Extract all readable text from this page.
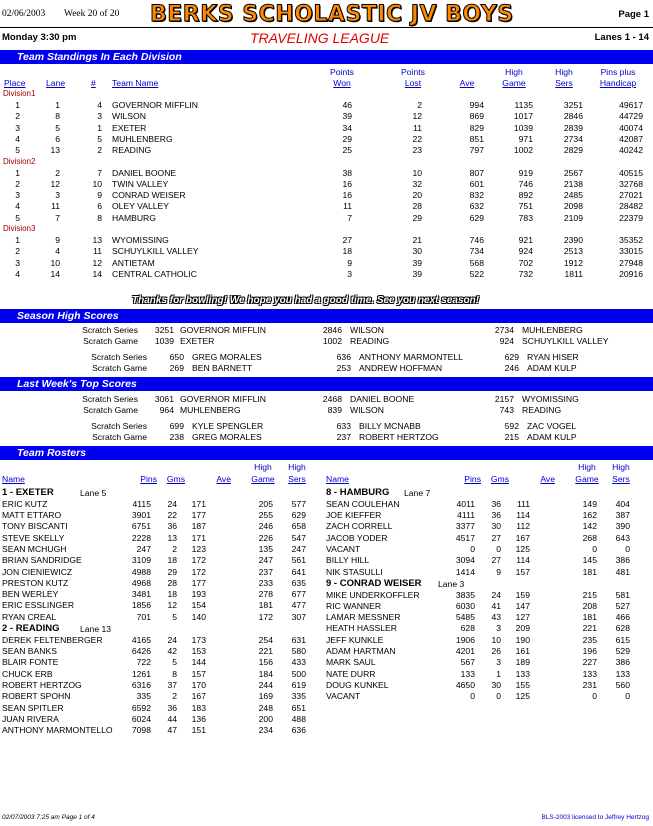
02/06/2003 Week 20 of 20 BERKS SCHOLASTIC JV BOYS	Page 1
Monday 3:30 pm	TRAVELING LEAGUE	Lanes 1 - 14
Team Standings In Each Division
Points	Points	High	High	Pins plus
Place Lane	# Team Name	Won	Lost	Ave	Game	Sers	Handicap
Division1
1	1	4 GOVERNOR MIFFLIN	46	2	994	1135	3251	49617
2	8	3 WILSON	39	12	869	1017	2846	44729
3	5	1 EXETER	34	11	829	1039	2839	40074
4	6	5 MUHLENBERG	29	22	851	971	2734	42087
5	13	2 READING	25	23	797	1002	2829	40242
Division2
1	2	7 DANIEL BOONE	38	10	807	919	2567	40515
2	12	10 TWIN VALLEY	16	32	601	746	2138	32768
3	3	9 CONRAD WEISER	16	20	832	892	2485	27021
4	11	6 OLEY VALLEY	11	28	632	751	2098	28482
5	7	8 HAMBURG	7	29	629	783	2109	22379
Division3
1	9	13 WYOMISSING	27	21	746	921	2390	35352
2	4	11 SCHUYLKILL VALLEY	18	30	734	924	2513	33015
3	10	12 ANTIETAM	9	39	568	702	1912	27948
4	14	14 CENTRAL CATHOLIC	3	39	522	732	1811	20916
Thanks for bowling! We hope you had a good time. See you next season!
Season High Scores
Scratch Series	3251 GOVERNOR MIFFLIN	2846 WILSON	2734 MUHLENBERG
Scratch Game	1039 EXETER	1002 READING	924 SCHUYLKILL VALLEY
Scratch Series	650 GREG MORALES	636 ANTHONY MARMONTELL	629 RYAN HISER
Scratch Game	269 BEN BARNETT	253 ANDREW HOFFMAN	246 ADAM KULP
Last Week's Top Scores
Scratch Series	3061 GOVERNOR MIFFLIN	2468 DANIEL BOONE	2157 WYOMISSING
Scratch Game	964 MUHLENBERG	839 WILSON	743 READING
Scratch Series	699 KYLE SPENGLER	633 BILLY MCNABB	592 ZAC VOGEL
Scratch Game	238 GREG MORALES	237 ROBERT HERTZOG	215 ADAM KULP
Team Rosters
High	High
Name	Pins	Gms	Ave	Game	Sers
High	High
Name	Pins	Gms	Ave	Game	Sers
1 - EXETER	Lane 5
ERIC KUTZ	4115	24	171	205	577
MATT ETTARO	3901	22	177	255	629
TONY BISCANTI	6751	36	187	246	658
STEVE SKELLY	2228	13	171	226	547
SEAN MCHUGH	247	2	123	135	247
BRIAN SANDRIDGE	3109	18	172	247	561
JON CIENIEWICZ	4988	29	172	237	641
PRESTON KUTZ	4968	28	177	233	635
BEN WERLEY	3481	18	193	278	677
ERIC ESSLINGER	1856	12	154	181	477
RYAN CREAL	701	5	140	172	307
2 - READING Lane 13
DEREK FELTENBERGER	4165	24	173	254	631
SEAN BANKS	6426	42	153	221	580
BLAIR FONTE	722	5	144	156	433
CHUCK ERB	1261	8	157	184	500
ROBERT HERTZOG	6316	37	170	244	619
ROBERT SPOHN	335	2	167	169	335
SEAN SPITLER	6592	36	183	248	651
JUAN RIVERA	6024	44	136	200	488
ANTHONY MARMONTELLO	7098	47	151	234	636
8 - HAMBURG Lane 7
SEAN COULEHAN	4011	36	111	149	404
JOE KIEFFER	4111	36	114	162	387
ZACH CORRELL	3377	30	112	142	390
JACOB YODER	4517	27	167	268	643
VACANT	0	0	125	0	0
BILLY HILL	3094	27	114	145	386
NIK STASULLI	1414	9	157	181	481
9 - CONRAD WEISER Lane 3
MIKE UNDERKOFFLER	3835	24	159	215	581
RIC WANNER	6030	41	147	208	527
LAMAR MESSNER	5485	43	127	181	466
HEATH HASSLER	628	3	209	221	628
JEFF KUNKLE	1906	10	190	235	615
ADAM HARTMAN	4201	26	161	196	529
MARK SAUL	567	3	189	227	386
NATE DURR	133	1	133	133	133
DOUG KUNKEL	4650	30	155	231	560
VACANT	0	0	125	0	0
02/07/2003 7:25 am Page 1 of 4	BLS-2003 licensed to Jeffrey Hertzog
